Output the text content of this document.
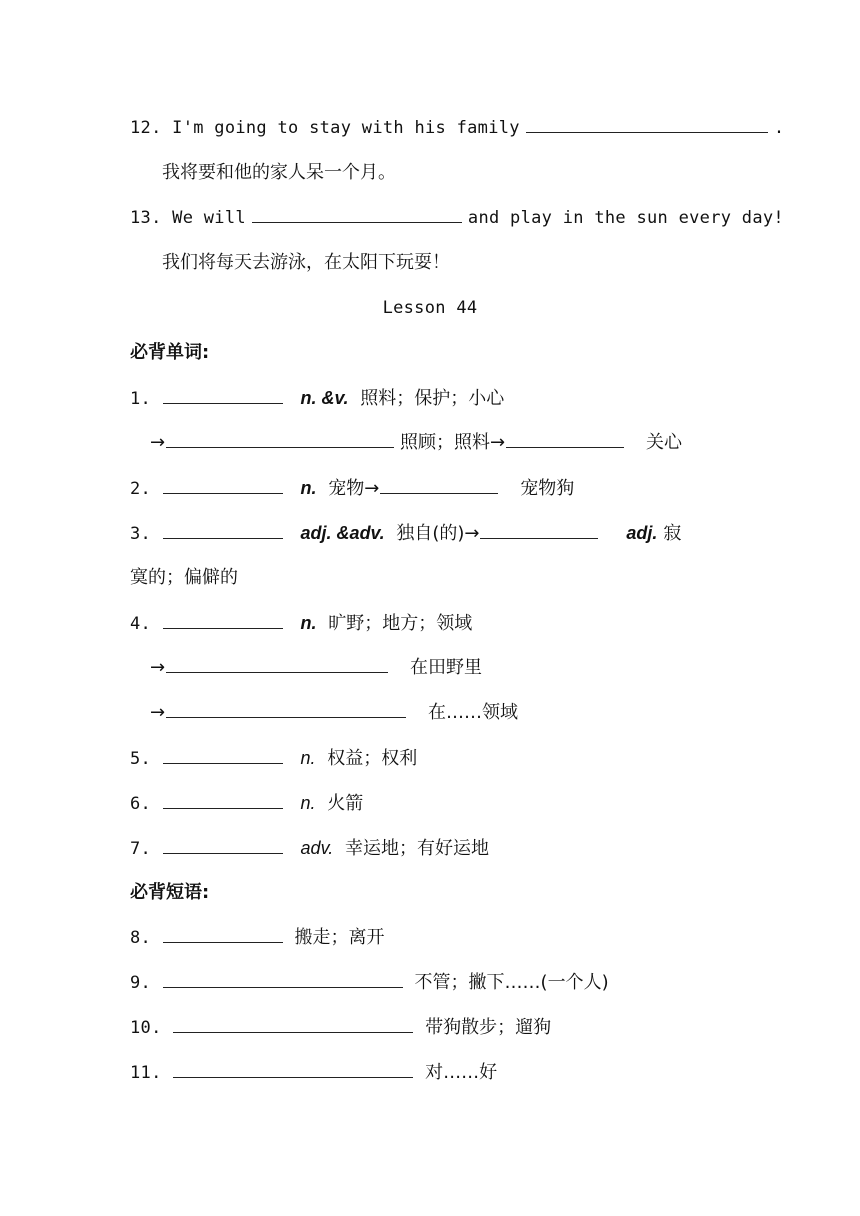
12. I'm going to stay with his family	.
我将要和他的家人呆一个月。
13. We will	and play in the sun every day!
我们将每天去游泳，在太阳下玩耍！
Lesson 44
必背单词:
1.	n. &v. 照料；保护；小心
→	照顾；照料→	关心
2.	n. 宠物→	宠物狗
3.	adj. &adv. 独自(的)→	adj. 寂
寞的；偏僻的
4.	n. 旷野；地方；领域
→	在田野里
→	在……领域
5.	n. 权益；权利
6.	n. 火箭
7.	adv. 幸运地；有好运地
必背短语:
8.	搬走；离开
9.	不管；撇下……(一个人)
10.	带狗散步；遛狗
11.	对……好
